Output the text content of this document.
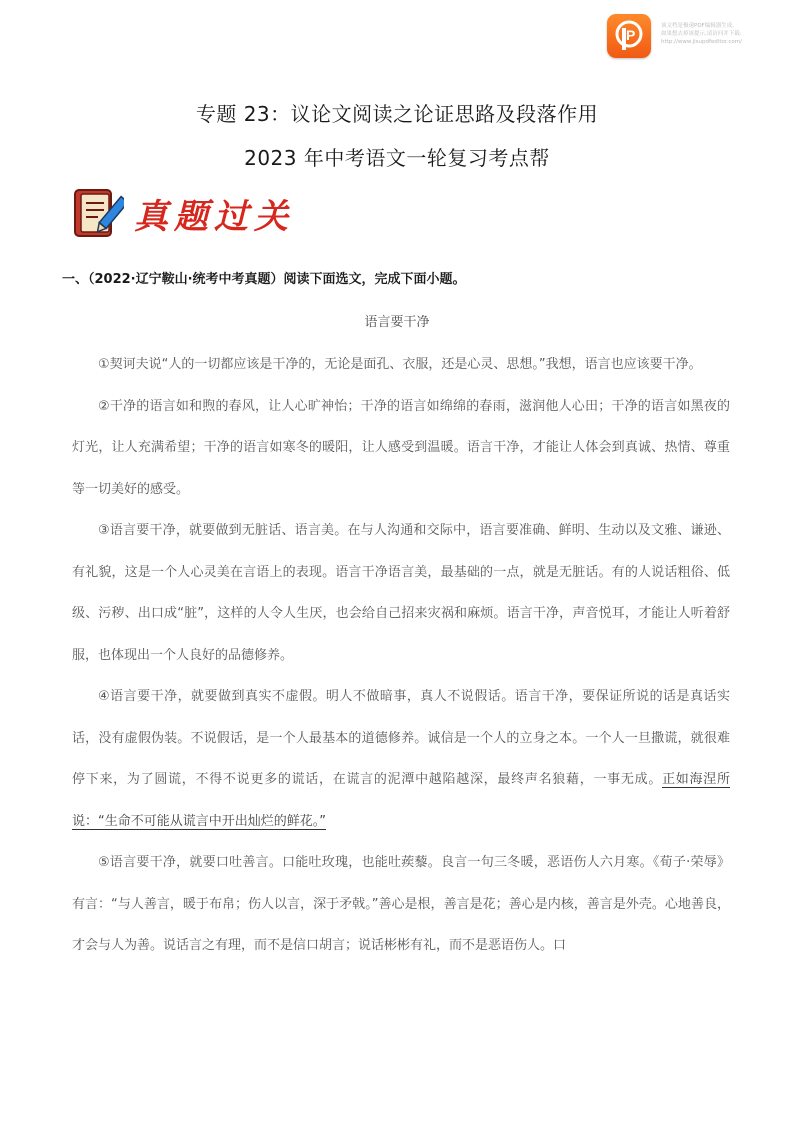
P
该文档是极速PDF编辑器生成,
如果想去掉该提示,请访问并下载:
http://www.jisupdfeditor.com/
专题 23：议论文阅读之论证思路及段落作用
2023 年中考语文一轮复习考点帮
真题过关
一、（2022·辽宁鞍山·统考中考真题）阅读下面选文，完成下面小题。
语言要干净

①契诃夫说“人的一切都应该是干净的，无论是面孔、衣服，还是心灵、思想。”我想，语言也应该要干净。

②干净的语言如和煦的春风，让人心旷神怡；干净的语言如绵绵的春雨，滋润他人心田；干净的语言如黑夜的灯光，让人充满希望；干净的语言如寒冬的暖阳，让人感受到温暖。语言干净，才能让人体会到真诚、热情、尊重等一切美好的感受。

③语言要干净，就要做到无脏话、语言美。在与人沟通和交际中，语言要准确、鲜明、生动以及文雅、谦逊、有礼貌，这是一个人心灵美在言语上的表现。语言干净语言美，最基础的一点，就是无脏话。有的人说话粗俗、低级、污秽、出口成“脏”，这样的人令人生厌，也会给自己招来灾祸和麻烦。语言干净，声音悦耳，才能让人听着舒服，也体现出一个人良好的品德修养。

④语言要干净，就要做到真实不虚假。明人不做暗事，真人不说假话。语言干净，要保证所说的话是真话实话，没有虚假伪装。不说假话，是一个人最基本的道德修养。诚信是一个人的立身之本。一个人一旦撒谎，就很难停下来，为了圆谎，不得不说更多的谎话，在谎言的泥潭中越陷越深，最终声名狼藉，一事无成。正如海涅所说：“生命不可能从谎言中开出灿烂的鲜花。”

⑤语言要干净，就要口吐善言。口能吐玫瑰，也能吐蒺藜。良言一句三冬暖，恶语伤人六月寒。《荀子·荣辱》有言：“与人善言，暖于布帛；伤人以言，深于矛戟。”善心是根，善言是花；善心是内核，善言是外壳。心地善良，才会与人为善。说话言之有理，而不是信口胡言；说话彬彬有礼，而不是恶语伤人。口
